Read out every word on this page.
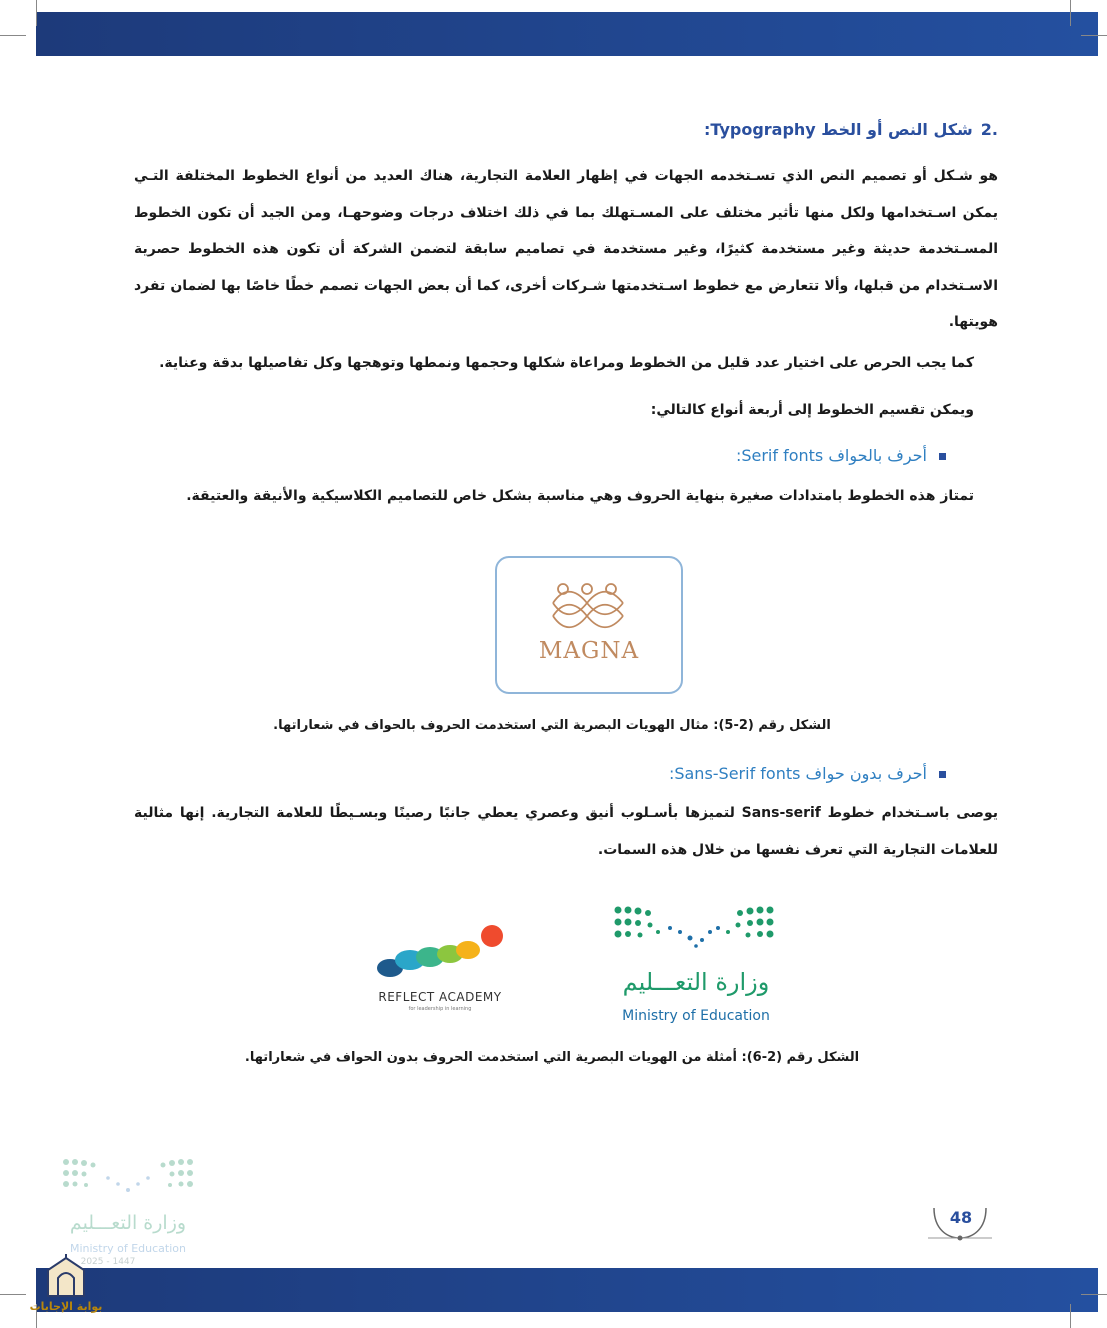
.2شكل النص أو الخط Typography:

هو شـكل أو تصميم النص الذي تسـتخدمه الجهات في إظهار العلامة التجارية، هناك العديد من أنواع الخطوط المختلفة التـي يمكن اسـتخدامها ولكل منها تأثير مختلف على المسـتهلك بما في ذلك اختلاف درجات وضوحهـا، ومن الجيد أن تكون الخطوط المسـتخدمة حديثة وغير مستخدمة كثيرًا، وغير مستخدمة في تصاميم سابقة لتضمن الشركة أن تكون هذه الخطوط حصرية الاسـتخدام من قبلها، وألا تتعارض مع خطوط اسـتخدمتها شـركات أخرى، كما أن بعض الجهات تصمم خطًا خاصًا بها لضمان تفرد هويتها.

كما يجب الحرص على اختيار عدد قليل من الخطوط ومراعاة شكلها وحجمها ونمطها وتوهجها وكل تفاصيلها بدقة وعناية.

ويمكن تقسيم الخطوط إلى أربعة أنواع كالتالي:

أحرف بالحواف Serif fonts:

تمتاز هذه الخطوط بامتدادات صغيرة بنهاية الحروف وهي مناسبة بشكل خاص للتصاميم الكلاسيكية والأنيقة والعتيقة.

MAGNA
الشكل رقم (2-5): مثال الهويات البصرية التي استخدمت الحروف بالحواف في شعاراتها.
أحرف بدون حواف Sans-Serif fonts:

يوصى باسـتخدام خطوط Sans-serif لتميزها بأسـلوب أنيق وعصري يعطي جانبًا رصينًا وبسـيطًا للعلامة التجارية. إنها مثالية للعلامات التجارية التي تعرف نفسها من خلال هذه السمات.

REFLECT ACADEMY
for leadership in learning
وزارة التعـــليم
Ministry of Education
الشكل رقم (2-6): أمثلة من الهويات البصرية التي استخدمت الحروف بدون الحواف في شعاراتها.
وزارة التعـــليم
Ministry of Education
2025 - 1447
بوابة الإجابات
48
